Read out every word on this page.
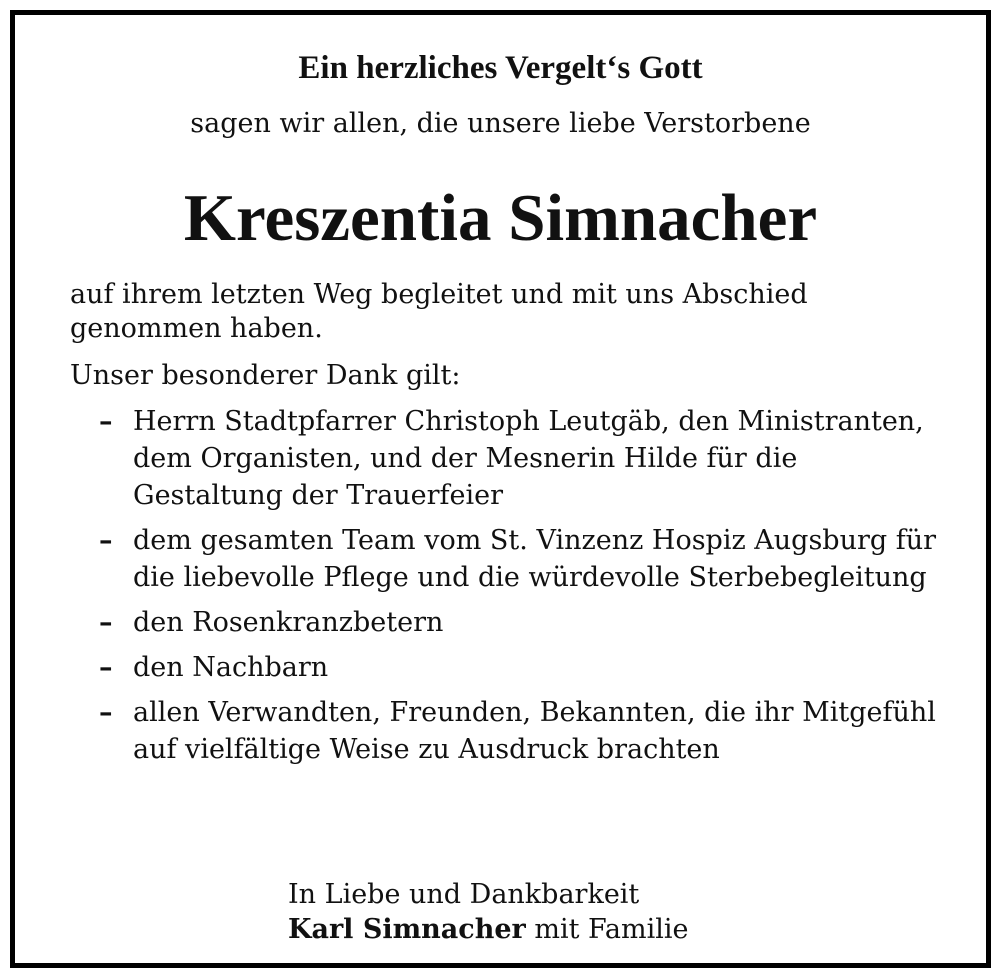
Ein herzliches Vergelt‘s Gott
sagen wir allen, die unsere liebe Verstorbene
Kreszentia Simnacher
auf ihrem letzten Weg begleitet und mit uns Abschied genommen haben.
Unser besonderer Dank gilt:
– Herrn Stadtpfarrer Christoph Leutgäb, den Ministranten, dem Organisten, und der Mesnerin Hilde für die Gestaltung der Trauerfeier
– dem gesamten Team vom St. Vinzenz Hospiz Augsburg für die liebevolle Pflege und die würdevolle Sterbebegleitung
– den Rosenkranzbetern
– den Nachbarn
– allen Verwandten, Freunden, Bekannten, die ihr Mitgefühl auf vielfältige Weise zu Ausdruck brachten
In Liebe und Dankbarkeit
Karl Simnacher mit Familie
